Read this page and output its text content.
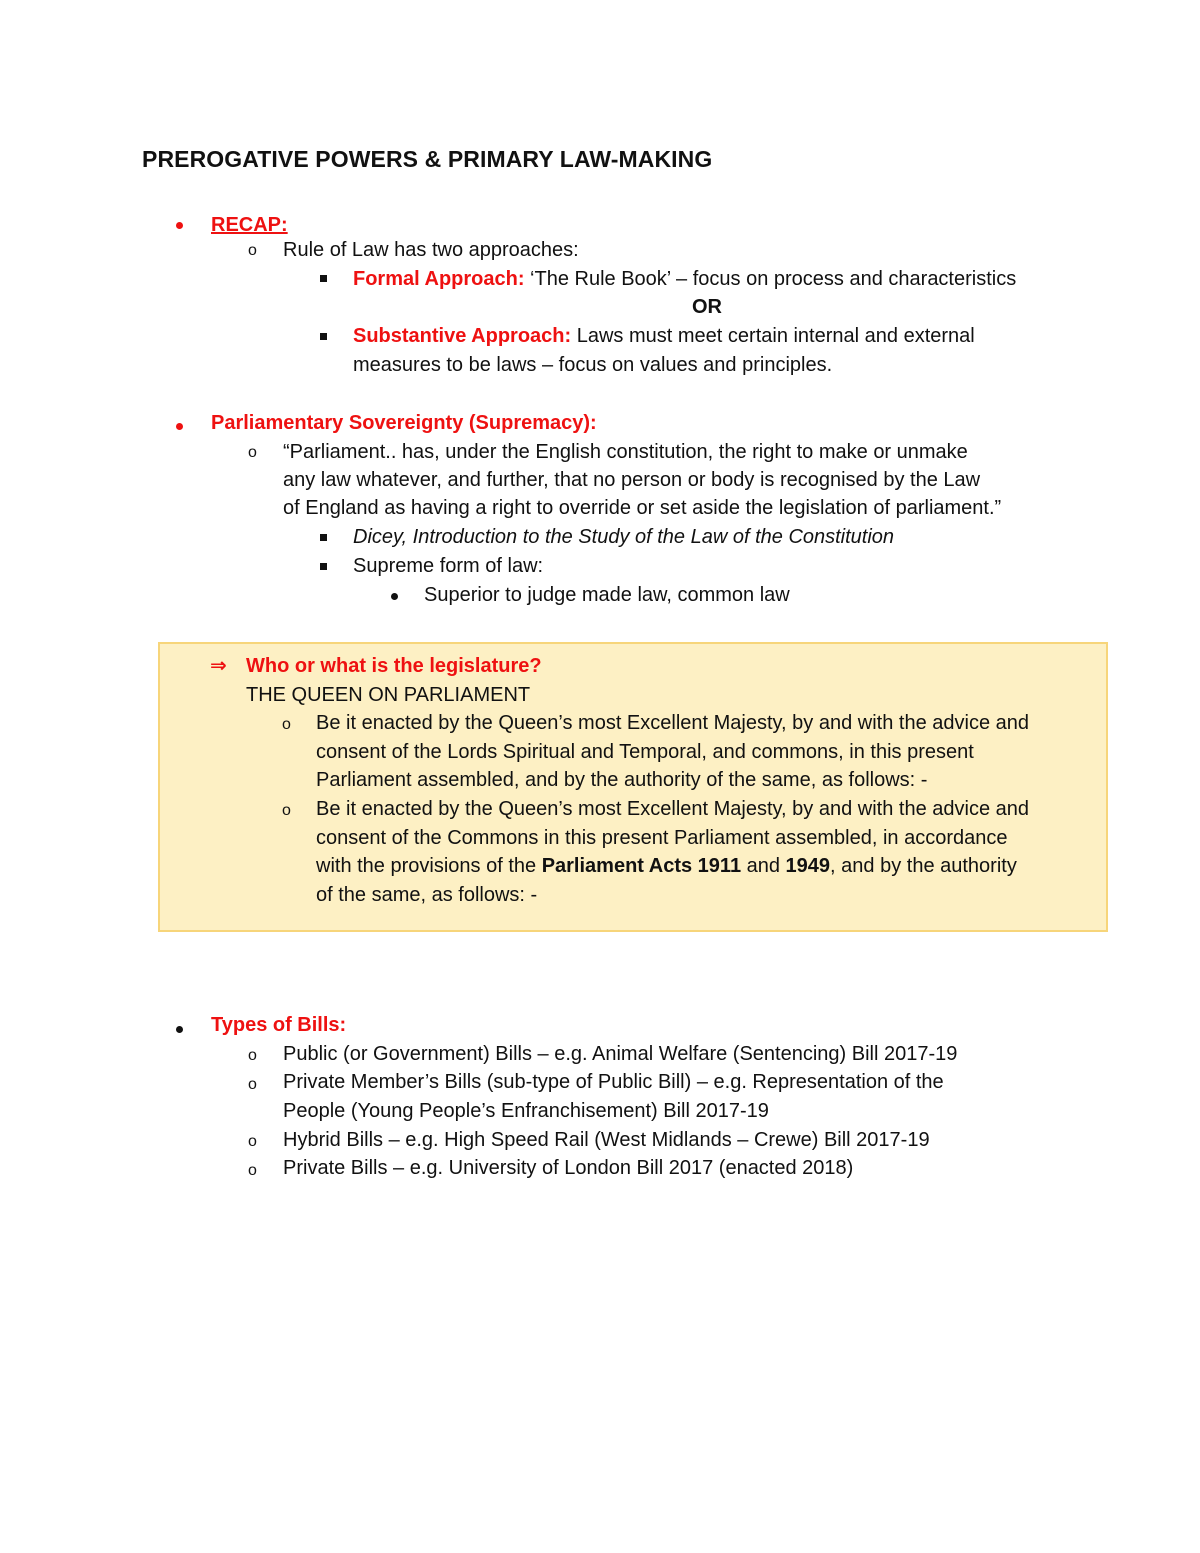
PREROGATIVE POWERS & PRIMARY LAW-MAKING
RECAP:
o Rule of Law has two approaches:
Formal Approach: ‘The Rule Book’ – focus on process and characteristics
OR
Substantive Approach: Laws must meet certain internal and external
measures to be laws – focus on values and principles.
Parliamentary Sovereignty (Supremacy):
o “Parliament.. has, under the English constitution, the right to make or unmake
any law whatever, and further, that no person or body is recognised by the Law
of England as having a right to override or set aside the legislation of parliament.”
Dicey, Introduction to the Study of the Law of the Constitution
Supreme form of law:
Superior to judge made law, common law
⇒ Who or what is the legislature?
THE QUEEN ON PARLIAMENT
o Be it enacted by the Queen’s most Excellent Majesty, by and with the advice and
consent of the Lords Spiritual and Temporal, and commons, in this present
Parliament assembled, and by the authority of the same, as follows: -
o Be it enacted by the Queen’s most Excellent Majesty, by and with the advice and
consent of the Commons in this present Parliament assembled, in accordance
with the provisions of the Parliament Acts 1911 and 1949, and by the authority
of the same, as follows: -
Types of Bills:
o Public (or Government) Bills – e.g. Animal Welfare (Sentencing) Bill 2017-19
o Private Member’s Bills (sub-type of Public Bill) – e.g. Representation of the
People (Young People’s Enfranchisement) Bill 2017-19
o Hybrid Bills – e.g. High Speed Rail (West Midlands – Crewe) Bill 2017-19
o Private Bills – e.g. University of London Bill 2017 (enacted 2018)
